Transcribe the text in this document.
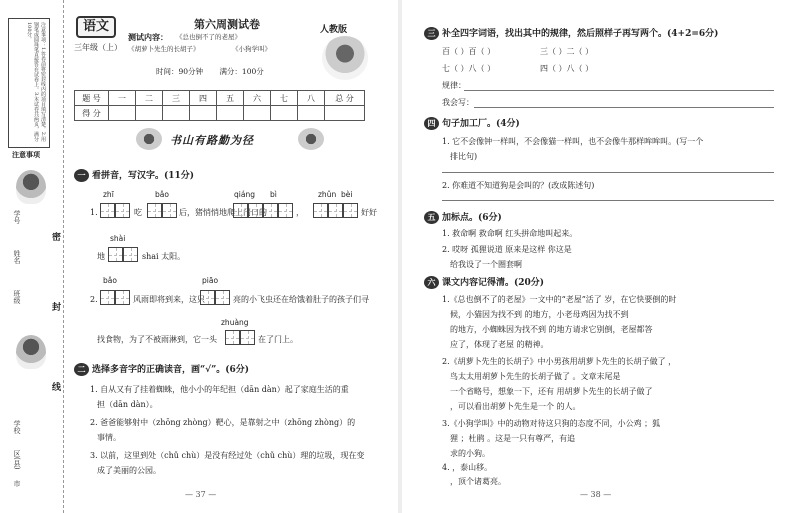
注意事项：1.答卷前将密封线内的项目填写清楚。2.用钢笔或圆珠笔直接答在试卷上。3.本试卷共两页，满分100分。
注意事项
密
封
线
学号
姓名
班级
学校
区(县)
市
语文
三年级（上）
第六周测试卷
测试内容： 《总也倒不了的老屋》
《胡萝卜先生的长胡子》	《小狗学叫》
时间：90分钟 满分：100分
人教版
题 号	一	二	三	四	五	六	七	八	总 分
得 分									
书山有路勤为径
一 看拼音，写汉字。(11分)
zhī	bǎo	qiáng bì	zhǔn bèi
1.	吃	后，猪悄悄地爬上门口的	，	好好
shài
地	shai 太阳。
bǎo	piāo
2.	风雨即将到来，这只	亮的小飞虫还在给饿着肚子的孩子们寻
zhuàng
找食物，为了不被雨淋到，它一头	在了门上。
二 选择多音字的正确读音，画“√”。(6分)
1. 自从又有了挂着蜘蛛，他小小的年纪担（dān dàn）起了家庭生活的重
担（dān dàn）。
2. 爸爸能够射中（zhōng zhòng）靶心，是靠射之中（zhōng zhòng）的
事情。
3. 以前，这里到处（chǔ chù）是没有经过处（chǔ chù）理的垃圾，现在变
成了美丽的公园。
— 37 —
三 补全四字词语，找出其中的规律，然后照样子再写两个。(4+2=6分)
百（ ）百（ ）	三（ ）二（ ）
七（ ）八（ ）	四（ ）八（ ）
规律：
我会写：
四 句子加工厂。(4分)
1. 它不会像钟一样叫，不会像猫一样叫，也不会像牛那样哞哞叫。(写一个
排比句)
2. 你难道不知道狗是会叫的？(改成陈述句)
五 加标点。(6分)
1. 救命啊 救命啊 红头拼命地叫起来。
2. 哎呀 孤狸说道 原来是这样 你这是
给我设了一个圈套啊
六 课文内容记得清。(20分)
1.《总也倒不了的老屋》一文中的“老屋”活了 岁，在它快要倒的时
候，小猫因为找不到 的地方，小老母鸡因为找不到
的地方，小蜘蛛因为找不到 的地方请求它别倒，老屋都答
应了，体现了老屋 的精神。
2.《胡萝卜先生的长胡子》中小男孩用胡萝卜先生的长胡子做了 ，
鸟太太用胡萝卜先生的长胡子做了 。文章末尾是
一个省略号，想象一下，还有 用胡萝卜先生的长胡子做了
，可以看出胡萝卜先生是一个 的人。
3.《小狗学叫》中的动物对待这只狗的态度不同，小公鸡 ；狐
狸 ；杜鹃 。这是一只有尊严，有追
求的小狗。
4. ，泰山移。
，顶个诸葛亮。
— 38 —
